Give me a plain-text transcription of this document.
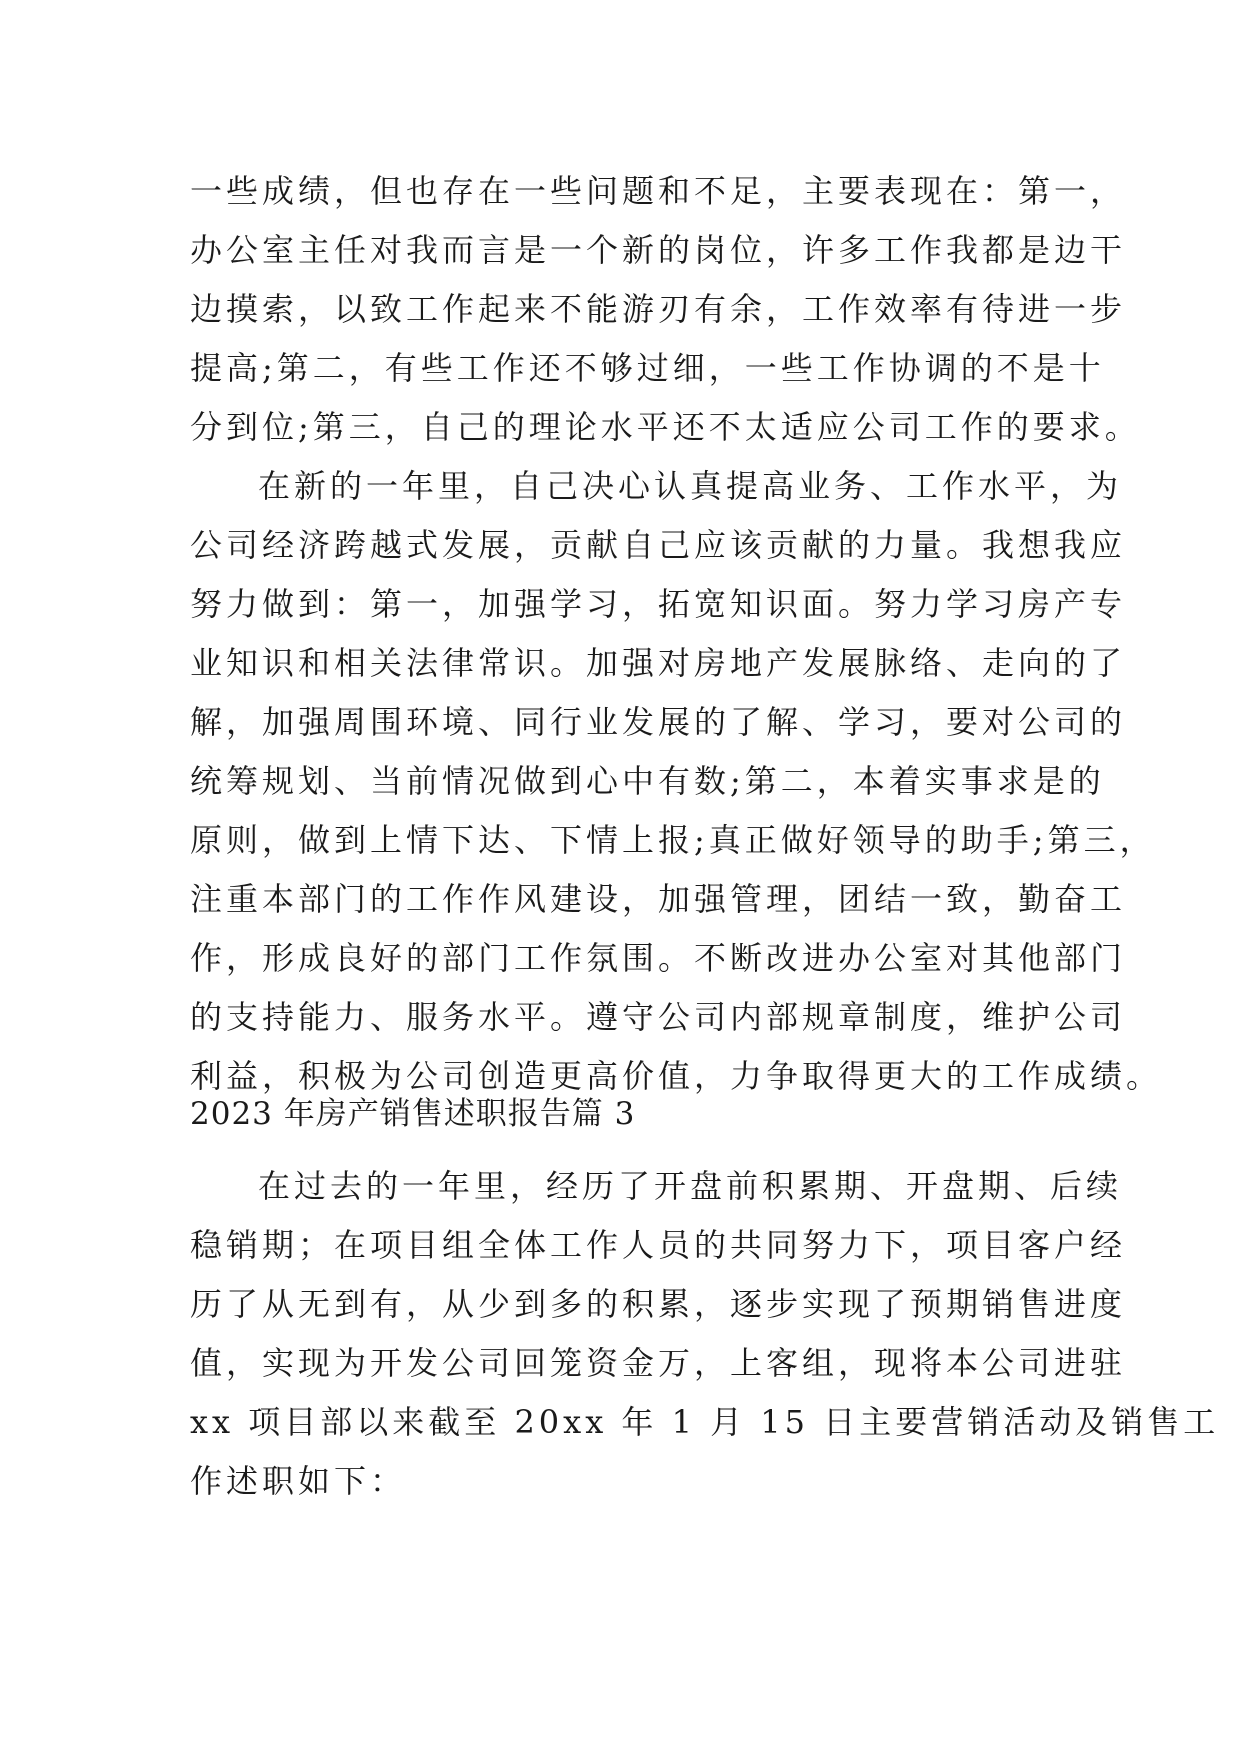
一些成绩，但也存在一些问题和不足，主要表现在：第一，
办公室主任对我而言是一个新的岗位，许多工作我都是边干
边摸索，以致工作起来不能游刃有余，工作效率有待进一步
提高;第二，有些工作还不够过细，一些工作协调的不是十
分到位;第三，自己的理论水平还不太适应公司工作的要求。
在新的一年里，自己决心认真提高业务、工作水平，为
公司经济跨越式发展，贡献自己应该贡献的力量。我想我应
努力做到：第一，加强学习，拓宽知识面。努力学习房产专
业知识和相关法律常识。加强对房地产发展脉络、走向的了
解，加强周围环境、同行业发展的了解、学习，要对公司的
统筹规划、当前情况做到心中有数;第二，本着实事求是的
原则，做到上情下达、下情上报;真正做好领导的助手;第三，
注重本部门的工作作风建设，加强管理，团结一致，勤奋工
作，形成良好的部门工作氛围。不断改进办公室对其他部门
的支持能力、服务水平。遵守公司内部规章制度，维护公司
利益，积极为公司创造更高价值，力争取得更大的工作成绩。
2023 年房产销售述职报告篇 3
在过去的一年里，经历了开盘前积累期、开盘期、后续
稳销期；在项目组全体工作人员的共同努力下，项目客户经
历了从无到有，从少到多的积累，逐步实现了预期销售进度
值，实现为开发公司回笼资金万，上客组，现将本公司进驻
xx 项目部以来截至 20xx 年 1 月 15 日主要营销活动及销售工
作述职如下：
